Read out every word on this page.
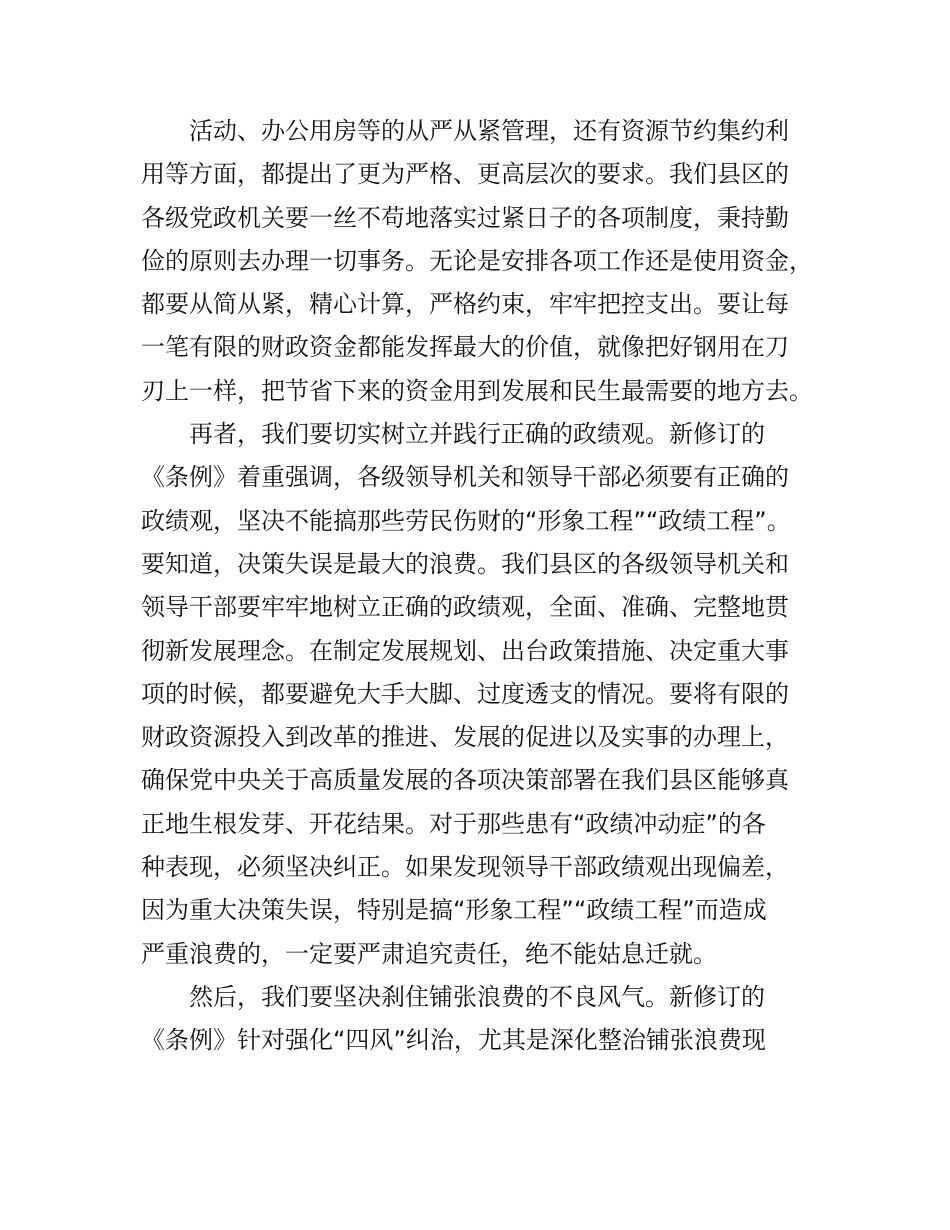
活动、办公用房等的从严从紧管理，还有资源节约集约利
用等方面，都提出了更为严格、更高层次的要求。我们县区的
各级党政机关要一丝不苟地落实过紧日子的各项制度，秉持勤
俭的原则去办理一切事务。无论是安排各项工作还是使用资金，
都要从简从紧，精心计算，严格约束，牢牢把控支出。要让每
一笔有限的财政资金都能发挥最大的价值，就像把好钢用在刀
刃上一样，把节省下来的资金用到发展和民生最需要的地方去。
再者，我们要切实树立并践行正确的政绩观。新修订的
《条例》着重强调，各级领导机关和领导干部必须要有正确的
政绩观，坚决不能搞那些劳民伤财的“形象工程”“政绩工程”。
要知道，决策失误是最大的浪费。我们县区的各级领导机关和
领导干部要牢牢地树立正确的政绩观，全面、准确、完整地贯
彻新发展理念。在制定发展规划、出台政策措施、决定重大事
项的时候，都要避免大手大脚、过度透支的情况。要将有限的
财政资源投入到改革的推进、发展的促进以及实事的办理上，
确保党中央关于高质量发展的各项决策部署在我们县区能够真
正地生根发芽、开花结果。对于那些患有“政绩冲动症”的各
种表现，必须坚决纠正。如果发现领导干部政绩观出现偏差，
因为重大决策失误，特别是搞“形象工程”“政绩工程”而造成
严重浪费的，一定要严肃追究责任，绝不能姑息迁就。
然后，我们要坚决刹住铺张浪费的不良风气。新修订的
《条例》针对强化“四风”纠治，尤其是深化整治铺张浪费现
